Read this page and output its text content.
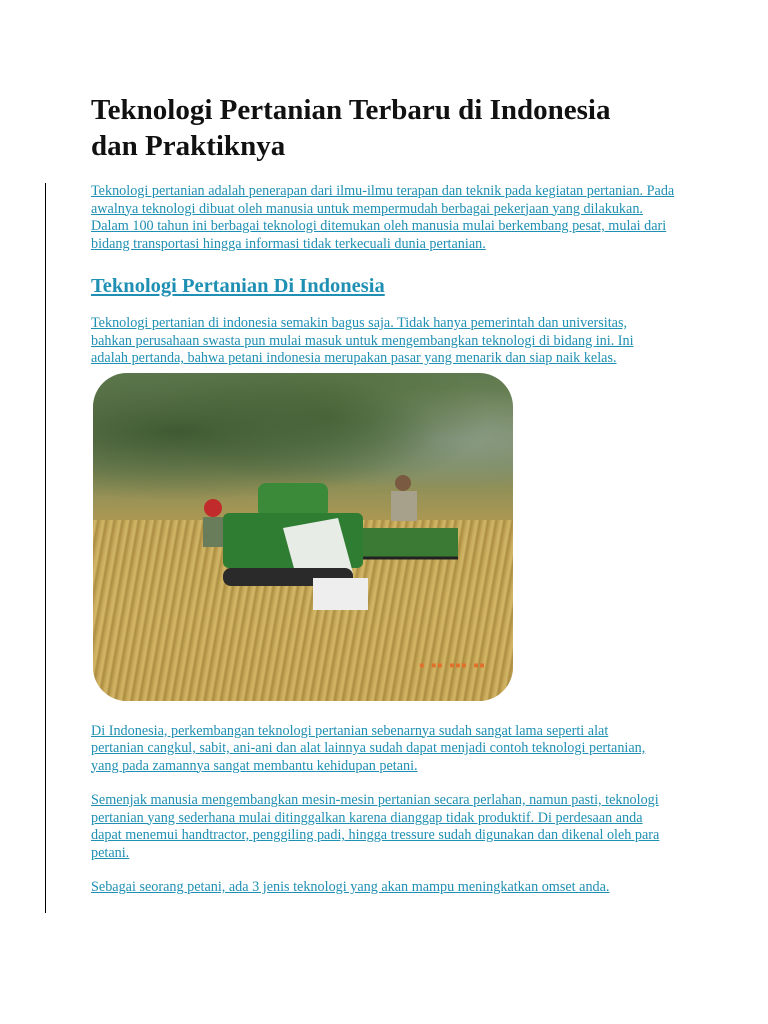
Teknologi Pertanian Terbaru di Indonesia
dan Praktiknya

Teknologi pertanian adalah penerapan dari ilmu-ilmu terapan dan teknik pada kegiatan pertanian. Pada awalnya teknologi dibuat oleh manusia untuk mempermudah berbagai pekerjaan yang dilakukan. Dalam 100 tahun ini berbagai teknologi ditemukan oleh manusia mulai berkembang pesat, mulai dari bidang transportasi hingga informasi tidak terkecuali dunia pertanian.

Teknologi Pertanian Di Indonesia

Teknologi pertanian di indonesia semakin bagus saja. Tidak hanya pemerintah dan universitas, bahkan perusahaan swasta pun mulai masuk untuk mengembangkan teknologi di bidang ini. Ini adalah pertanda, bahwa petani indonesia merupakan pasar yang menarik dan siap naik kelas.

▪ ▪▪ ▪▪▪ ▪▪

Di Indonesia, perkembangan teknologi pertanian sebenarnya sudah sangat lama seperti alat pertanian cangkul, sabit, ani-ani dan alat lainnya sudah dapat menjadi contoh teknologi pertanian, yang pada zamannya sangat membantu kehidupan petani.

Semenjak manusia mengembangkan mesin-mesin pertanian secara perlahan, namun pasti, teknologi pertanian yang sederhana mulai ditinggalkan karena dianggap tidak produktif. Di perdesaan anda dapat menemui handtractor, penggiling padi, hingga tressure sudah digunakan dan dikenal oleh para petani.

Sebagai seorang petani, ada 3 jenis teknologi yang akan mampu meningkatkan omset anda.
